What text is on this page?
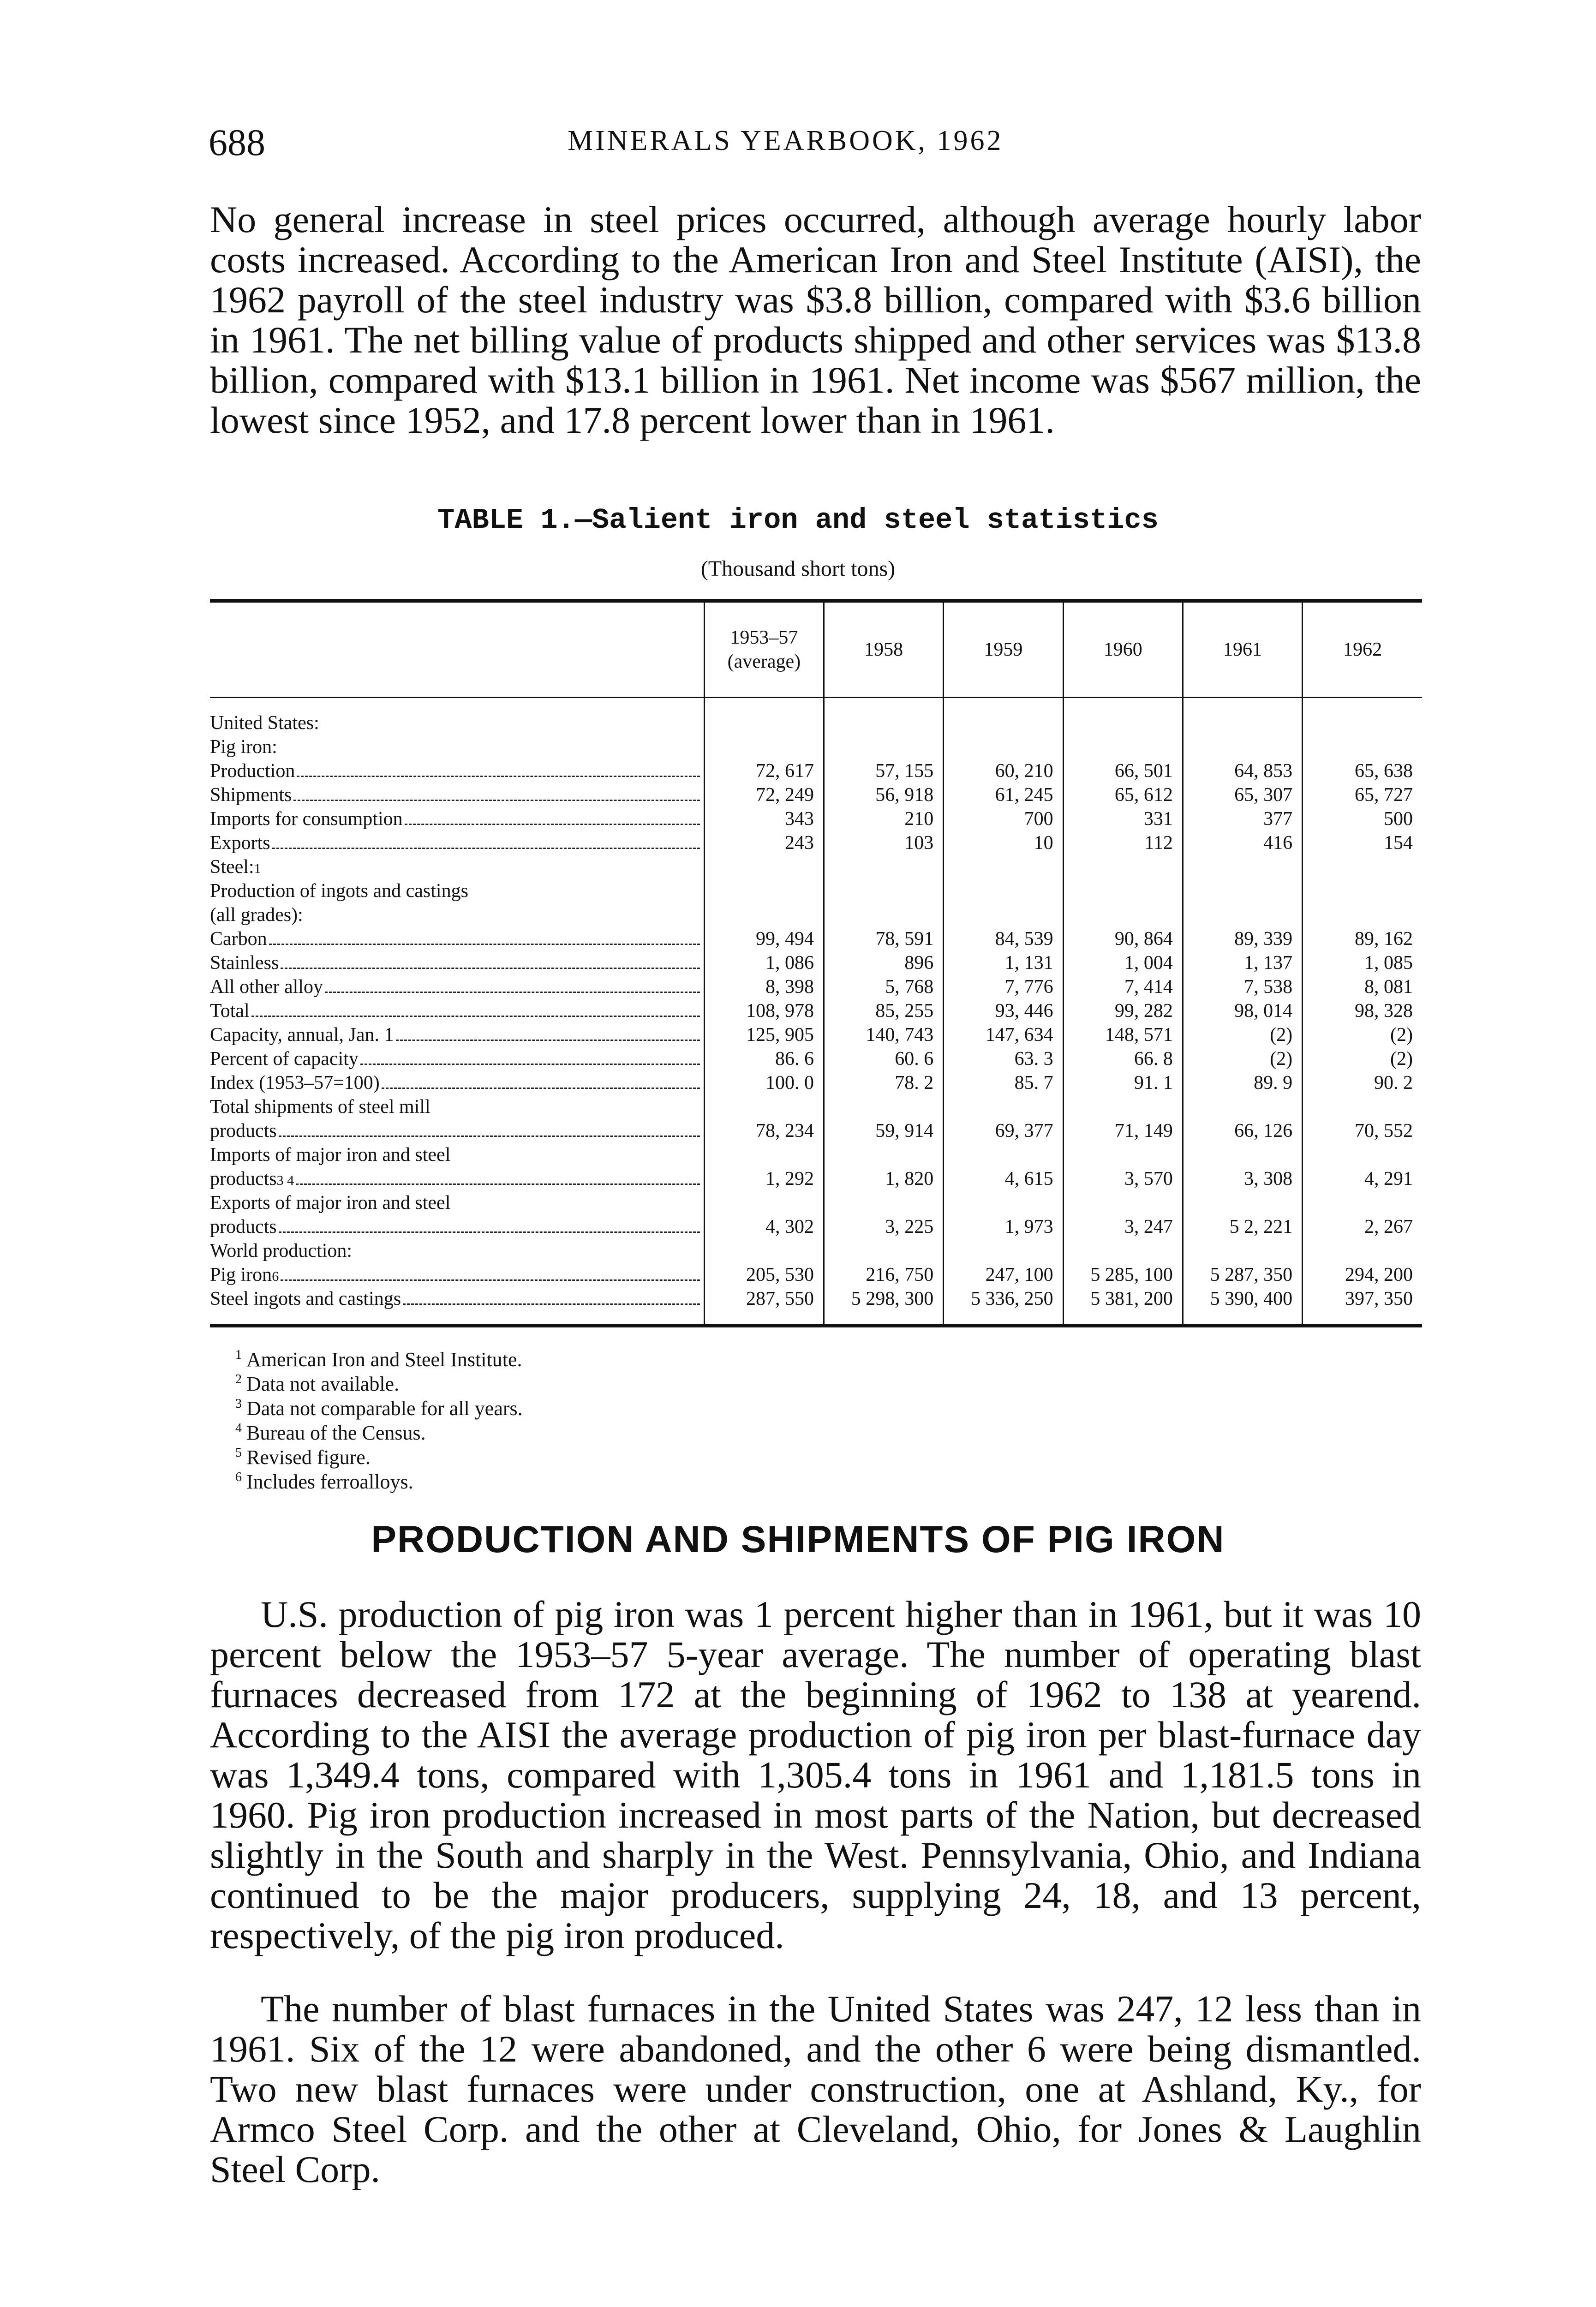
688	MINERALS YEARBOOK, 1962

No general increase in steel prices occurred, although average hourly labor costs increased. According to the American Iron and Steel Institute (AISI), the 1962 payroll of the steel industry was $3.8 billion, compared with $3.6 billion in 1961. The net billing value of products shipped and other services was $13.8 billion, compared with $13.1 billion in 1961. Net income was $567 million, the lowest since 1952, and 17.8 percent lower than in 1961.

TABLE 1.—Salient iron and steel statistics
(Thousand short tons)
	1953–57 (average)	1958	1959	1960	1961	1962

United States:						

Pig iron:						

Production	72, 617	57, 155	60, 210	66, 501	64, 853	65, 638

Shipments	72, 249	56, 918	61, 245	65, 612	65, 307	65, 727

Imports for consumption	343	210	700	331	377	500

Exports	243	103	10	112	416	154

Steel: 1						

Production of ingots and castings						

(all grades):						

Carbon	99, 494	78, 591	84, 539	90, 864	89, 339	89, 162

Stainless	1, 086	896	1, 131	1, 004	1, 137	1, 085

All other alloy	8, 398	5, 768	7, 776	7, 414	7, 538	8, 081

Total	108, 978	85, 255	93, 446	99, 282	98, 014	98, 328

Capacity, annual, Jan. 1	125, 905	140, 743	147, 634	148, 571	(2)	(2)

Percent of capacity	86. 6	60. 6	63. 3	66. 8	(2)	(2)

Index (1953–57=100)	100. 0	78. 2	85. 7	91. 1	89. 9	90. 2

Total shipments of steel mill						

products	78, 234	59, 914	69, 377	71, 149	66, 126	70, 552

Imports of major iron and steel						

products 3 4	1, 292	1, 820	4, 615	3, 570	3, 308	4, 291

Exports of major iron and steel						

products	4, 302	3, 225	1, 973	3, 247	5 2, 221	2, 267

World production:						

Pig iron 6	205, 530	216, 750	247, 100	5 285, 100	5 287, 350	294, 200

Steel ingots and castings	287, 550	5 298, 300	5 336, 250	5 381, 200	5 390, 400	397, 350
$^1$ American Iron and Steel Institute.
$^2$ Data not available.
$^3$ Data not comparable for all years.
$^4$ Bureau of the Census.
$^5$ Revised figure.
$^6$ Includes ferroalloys.
PRODUCTION AND SHIPMENTS OF PIG IRON

U.S. production of pig iron was 1 percent higher than in 1961, but it was 10 percent below the 1953–57 5-year average. The number of operating blast furnaces decreased from 172 at the beginning of 1962 to 138 at yearend. According to the AISI the average production of pig iron per blast-furnace day was 1,349.4 tons, compared with 1,305.4 tons in 1961 and 1,181.5 tons in 1960. Pig iron production increased in most parts of the Nation, but decreased slightly in the South and sharply in the West. Pennsylvania, Ohio, and Indiana continued to be the major producers, supplying 24, 18, and 13 percent, respectively, of the pig iron produced.

The number of blast furnaces in the United States was 247, 12 less than in 1961. Six of the 12 were abandoned, and the other 6 were being dismantled. Two new blast furnaces were under construction, one at Ashland, Ky., for Armco Steel Corp. and the other at Cleveland, Ohio, for Jones & Laughlin Steel Corp.
